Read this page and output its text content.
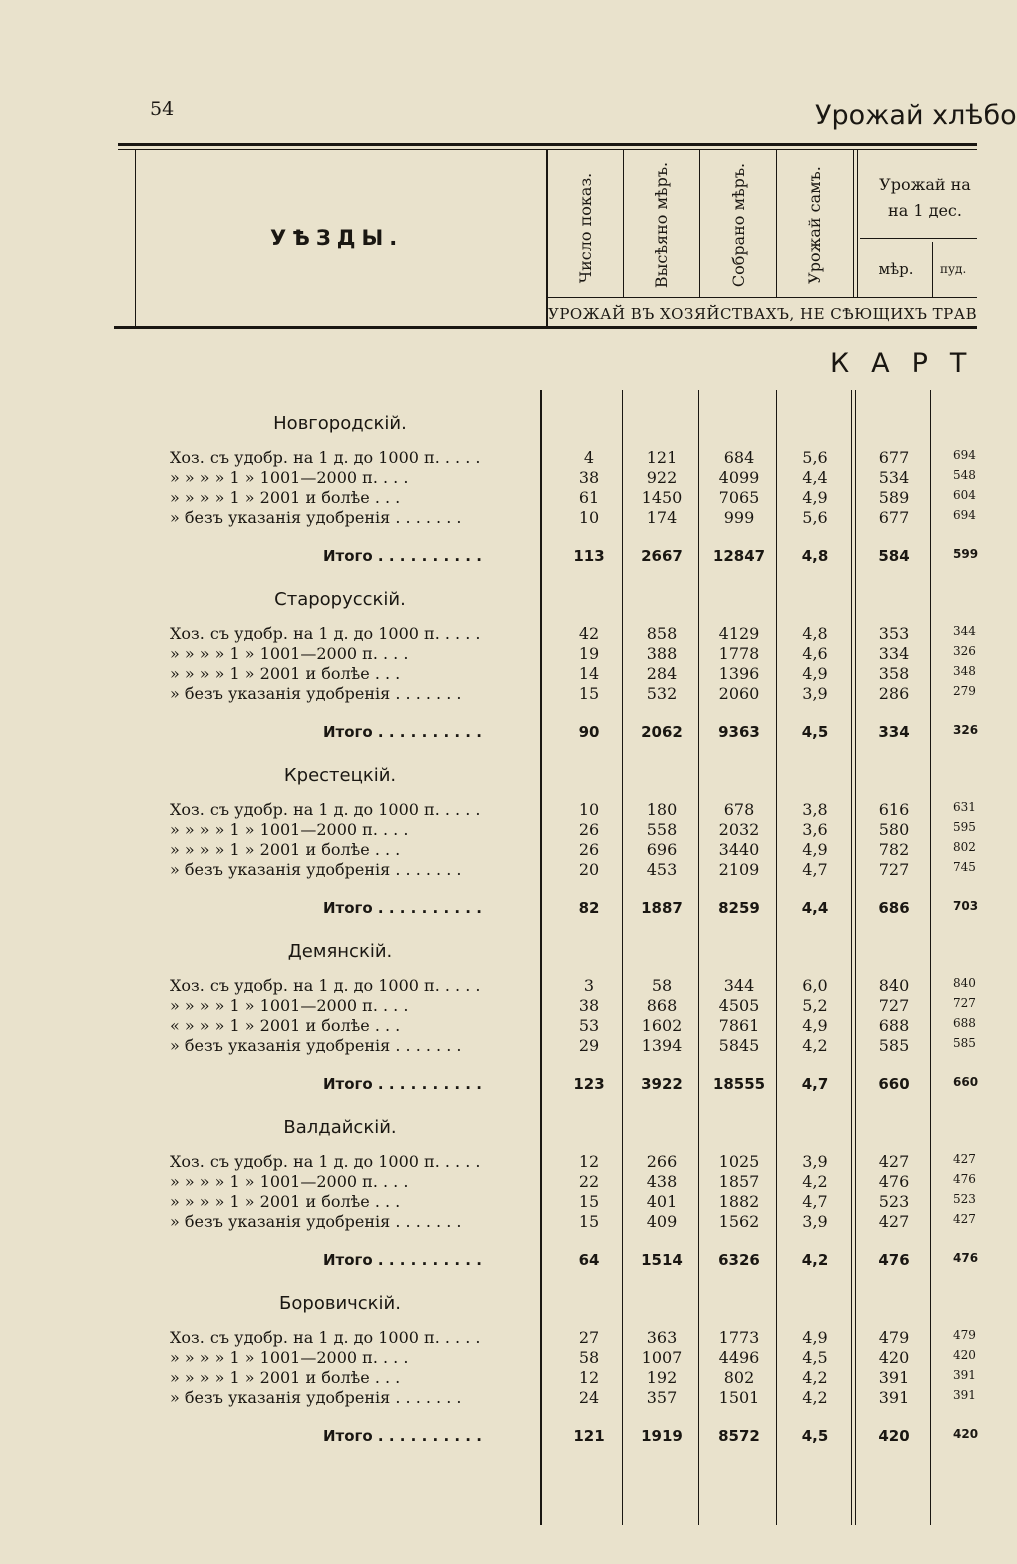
54	Урожай хлѣбо
УѢЗДЫ.	Число показ.	Высѣяно мѣръ.	Собрано мѣръ.	Урожай самъ.	Урожай на
на 1 дес.
мѣр.	пуд.
УРОЖАЙ ВЪ ХОЗЯЙСТВАХЪ, НЕ СѢЮЩИХЪ ТРАВ
КАРТ
Новгородскій.
Хоз. съ удобр. на 1 д. до 1000 п. . . . .	4	121	684	5,6	677	694
» » » » 1 » 1001—2000 п. . . .	38	922	4099	4,4	534	548
» » » » 1 » 2001 и болѣе . . .	61	1450	7065	4,9	589	604
» безъ указанія удобренія . . . . . . .	10	174	999	5,6	677	694
Итого . . . . . . . . . .	113	2667	12847	4,8	584	599
Старорусскій.
Хоз. съ удобр. на 1 д. до 1000 п. . . . .	42	858	4129	4,8	353	344
» » » » 1 » 1001—2000 п. . . .	19	388	1778	4,6	334	326
» » » » 1 » 2001 и болѣе . . .	14	284	1396	4,9	358	348
» безъ указанія удобренія . . . . . . .	15	532	2060	3,9	286	279
Итого . . . . . . . . . .	90	2062	9363	4,5	334	326
Крестецкій.
Хоз. съ удобр. на 1 д. до 1000 п. . . . .	10	180	678	3,8	616	631
» » » » 1 » 1001—2000 п. . . .	26	558	2032	3,6	580	595
» » » » 1 » 2001 и болѣе . . .	26	696	3440	4,9	782	802
» безъ указанія удобренія . . . . . . .	20	453	2109	4,7	727	745
Итого . . . . . . . . . .	82	1887	8259	4,4	686	703
Демянскій.
Хоз. съ удобр. на 1 д. до 1000 п. . . . .	3	58	344	6,0	840	840
» » » » 1 » 1001—2000 п. . . .	38	868	4505	5,2	727	727
« » » » 1 » 2001 и болѣе . . .	53	1602	7861	4,9	688	688
» безъ указанія удобренія . . . . . . .	29	1394	5845	4,2	585	585
Итого . . . . . . . . . .	123	3922	18555	4,7	660	660
Валдайскій.
Хоз. съ удобр. на 1 д. до 1000 п. . . . .	12	266	1025	3,9	427	427
» » » » 1 » 1001—2000 п. . . .	22	438	1857	4,2	476	476
» » » » 1 » 2001 и болѣе . . .	15	401	1882	4,7	523	523
» безъ указанія удобренія . . . . . . .	15	409	1562	3,9	427	427
Итого . . . . . . . . . .	64	1514	6326	4,2	476	476
Боровичскій.
Хоз. съ удобр. на 1 д. до 1000 п. . . . .	27	363	1773	4,9	479	479
» » » » 1 » 1001—2000 п. . . .	58	1007	4496	4,5	420	420
» » » » 1 » 2001 и болѣе . . .	12	192	802	4,2	391	391
» безъ указанія удобренія . . . . . . .	24	357	1501	4,2	391	391
Итого . . . . . . . . . .	121	1919	8572	4,5	420	420
